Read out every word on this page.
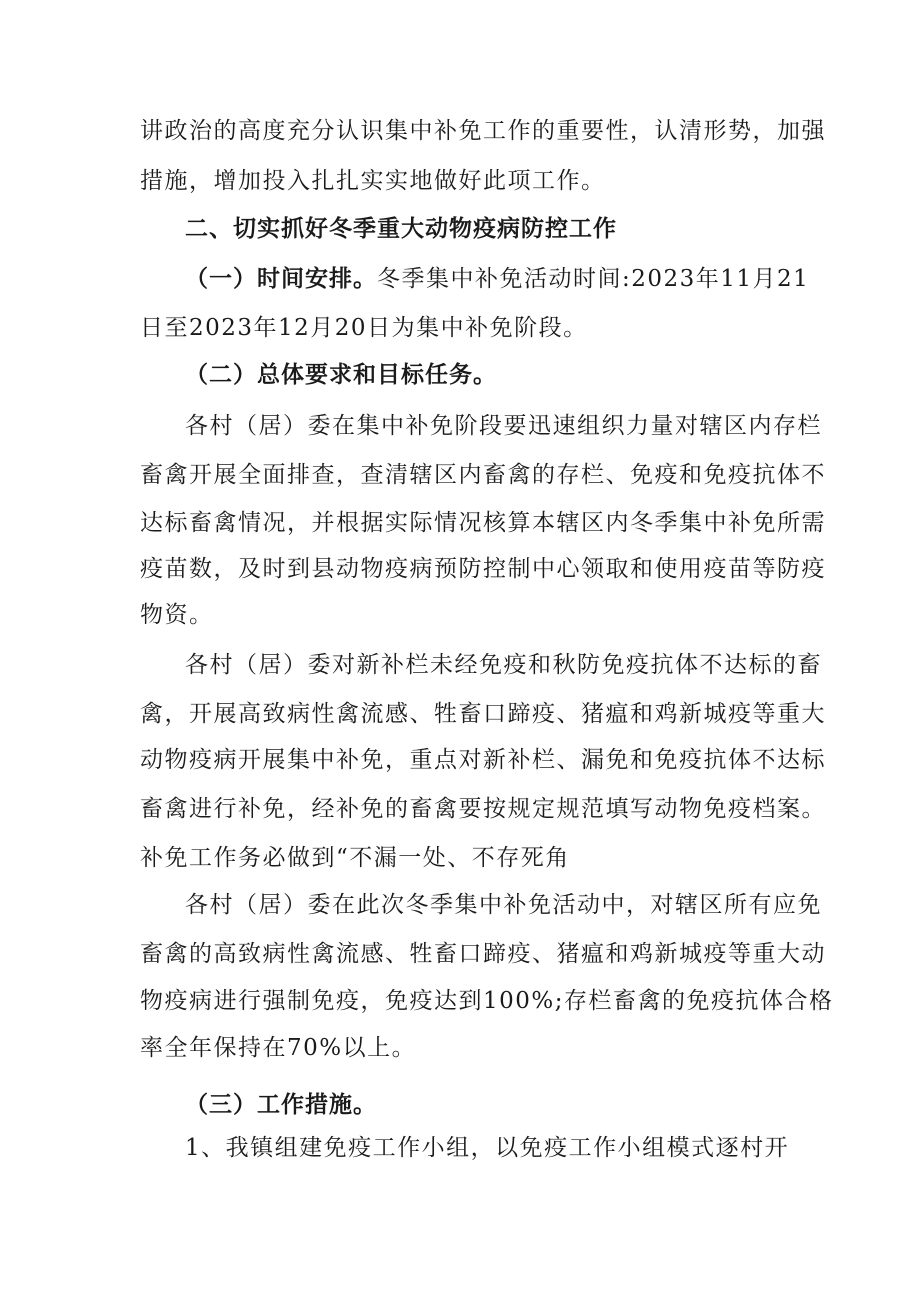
讲政治的高度充分认识集中补免工作的重要性，认清形势，加强
措施，增加投入扎扎实实地做好此项工作。
二、切实抓好冬季重大动物疫病防控工作
（一）时间安排。冬季集中补免活动时间:2023年11月21
日至2023年12月20日为集中补免阶段。
（二）总体要求和目标任务。
各村（居）委在集中补免阶段要迅速组织力量对辖区内存栏
畜禽开展全面排查，查清辖区内畜禽的存栏、免疫和免疫抗体不
达标畜禽情况，并根据实际情况核算本辖区内冬季集中补免所需
疫苗数，及时到县动物疫病预防控制中心领取和使用疫苗等防疫
物资。
各村（居）委对新补栏未经免疫和秋防免疫抗体不达标的畜
禽，开展高致病性禽流感、牲畜口蹄疫、猪瘟和鸡新城疫等重大
动物疫病开展集中补免，重点对新补栏、漏免和免疫抗体不达标
畜禽进行补免，经补免的畜禽要按规定规范填写动物免疫档案。
补免工作务必做到“不漏一处、不存死角
各村（居）委在此次冬季集中补免活动中，对辖区所有应免
畜禽的高致病性禽流感、牲畜口蹄疫、猪瘟和鸡新城疫等重大动
物疫病进行强制免疫，免疫达到100%;存栏畜禽的免疫抗体合格
率全年保持在70%以上。
（三）工作措施。
1、我镇组建免疫工作小组，以免疫工作小组模式逐村开
